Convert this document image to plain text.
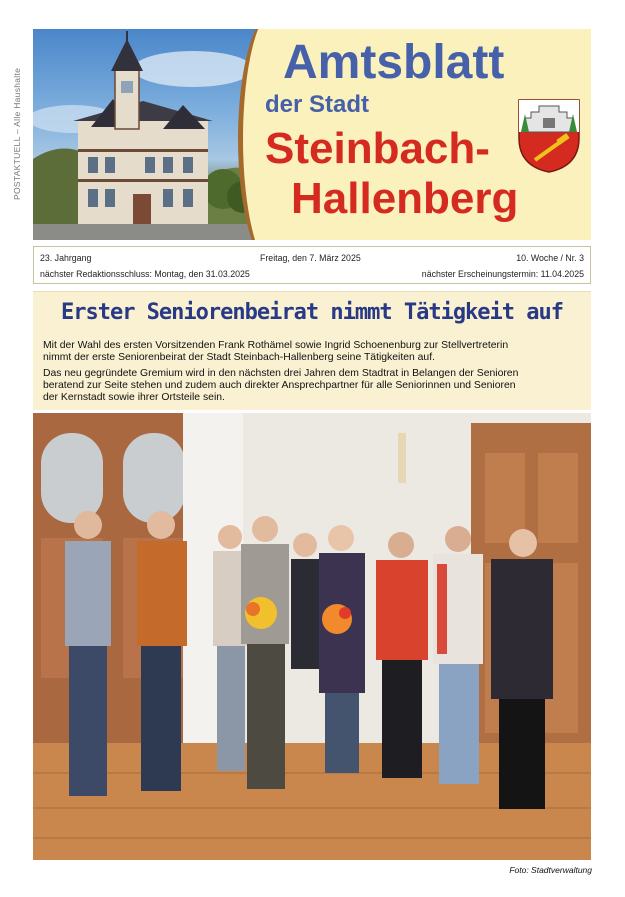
POSTAKTUELL – Alle Haushalte
Amtsblatt
der Stadt
Steinbach-
Hallenberg
23. Jahrgang	Freitag, den 7. März 2025	10. Woche / Nr. 3
nächster Redaktionsschluss: Montag, den 31.03.2025	nächster Erscheinungstermin: 11.04.2025
Erster Seniorenbeirat nimmt Tätigkeit auf
Mit der Wahl des ersten Vorsitzenden Frank Rothämel sowie Ingrid Schoenenburg zur Stellvertreterin
nimmt der erste Seniorenbeirat der Stadt Steinbach-Hallenberg seine Tätigkeiten auf.
Das neu gegründete Gremium wird in den nächsten drei Jahren dem Stadtrat in Belangen der Senioren
beratend zur Seite stehen und zudem auch direkter Ansprechpartner für alle Seniorinnen und Senioren
der Kernstadt sowie ihrer Ortsteile sein.
Foto: Stadtverwaltung
